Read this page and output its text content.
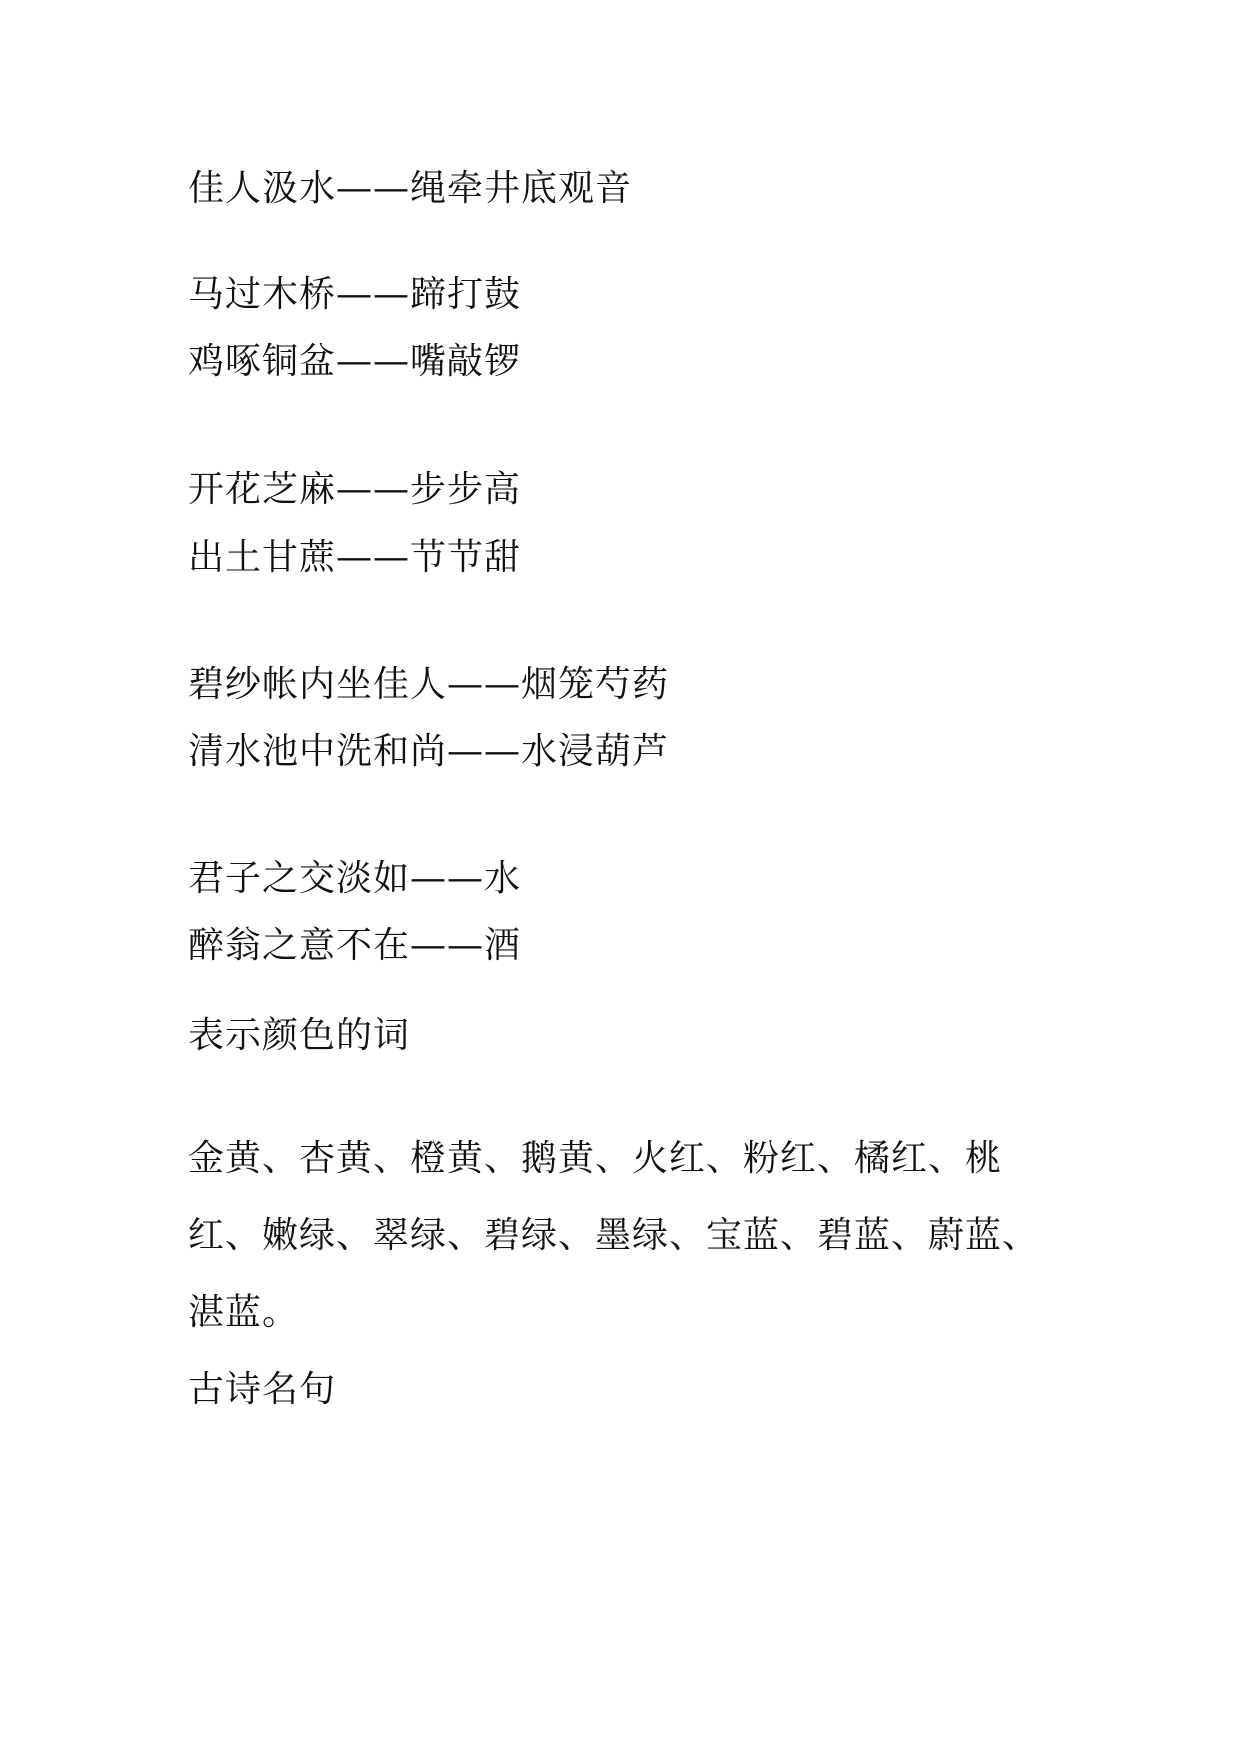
佳人汲水——绳牵井底观音
马过木桥——蹄打鼓
鸡啄铜盆——嘴敲锣
开花芝麻——步步高
出土甘蔗——节节甜
碧纱帐内坐佳人——烟笼芍药
清水池中洗和尚——水浸葫芦
君子之交淡如——水
醉翁之意不在——酒
表示颜色的词
金黄、杏黄、橙黄、鹅黄、火红、粉红、橘红、桃
红、嫩绿、翠绿、碧绿、墨绿、宝蓝、碧蓝、蔚蓝、
湛蓝。
古诗名句
